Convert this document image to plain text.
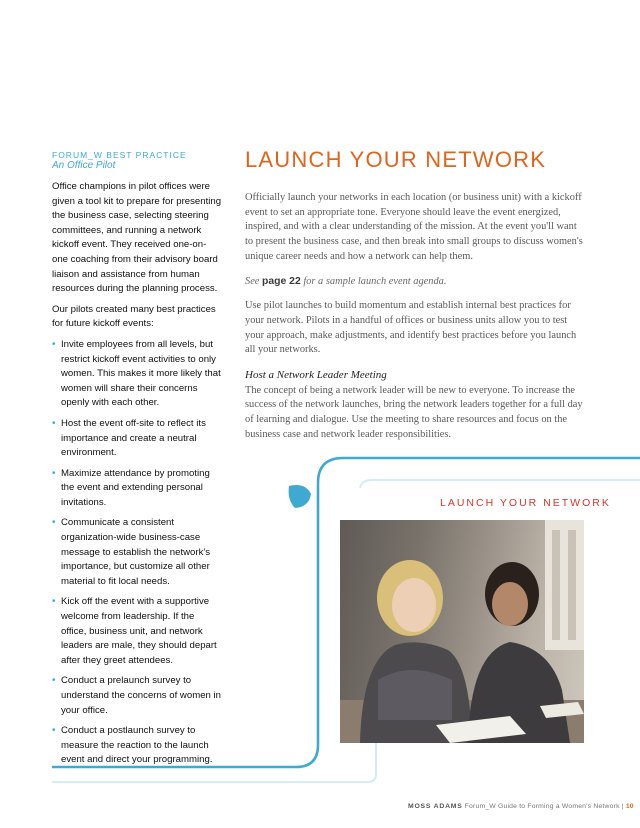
FORUM_W BEST PRACTICE
An Office Pilot

Office champions in pilot offices were given a tool kit to prepare for presenting the business case, selecting steering committees, and running a network kickoff event. They received one-on-one coaching from their advisory board liaison and assistance from human resources during the planning process.

Our pilots created many best practices for future kickoff events:

• Invite employees from all levels, but restrict kickoff event activities to only women. This makes it more likely that women will share their concerns openly with each other.
• Host the event off-site to reflect its importance and create a neutral environment.
• Maximize attendance by promoting the event and extending personal invitations.
• Communicate a consistent organization-wide business-case message to establish the network's importance, but customize all other material to fit local needs.
• Kick off the event with a supportive welcome from leadership. If the office, business unit, and network leaders are male, they should depart after they greet attendees.
• Conduct a prelaunch survey to understand the concerns of women in your office.
• Conduct a postlaunch survey to measure the reaction to the launch event and direct your programming.
LAUNCH YOUR NETWORK

Officially launch your networks in each location (or business unit) with a kickoff event to set an appropriate tone. Everyone should leave the event energized, inspired, and with a clear understanding of the mission. At the event you'll want to present the business case, and then break into small groups to discuss women's unique career needs and how a network can help them.

See page 22 for a sample launch event agenda.

Use pilot launches to build momentum and establish internal best practices for your network. Pilots in a handful of offices or business units allow you to test your approach, make adjustments, and identify best practices before you launch all your networks.

Host a Network Leader Meeting

The concept of being a network leader will be new to everyone. To increase the success of the network launches, bring the network leaders together for a full day of learning and dialogue. Use the meeting to share resources and focus on the business case and network leader responsibilities.

LAUNCH YOUR NETWORK
MOSS ADAMS Forum_W Guide to Forming a Women's Network | 10
